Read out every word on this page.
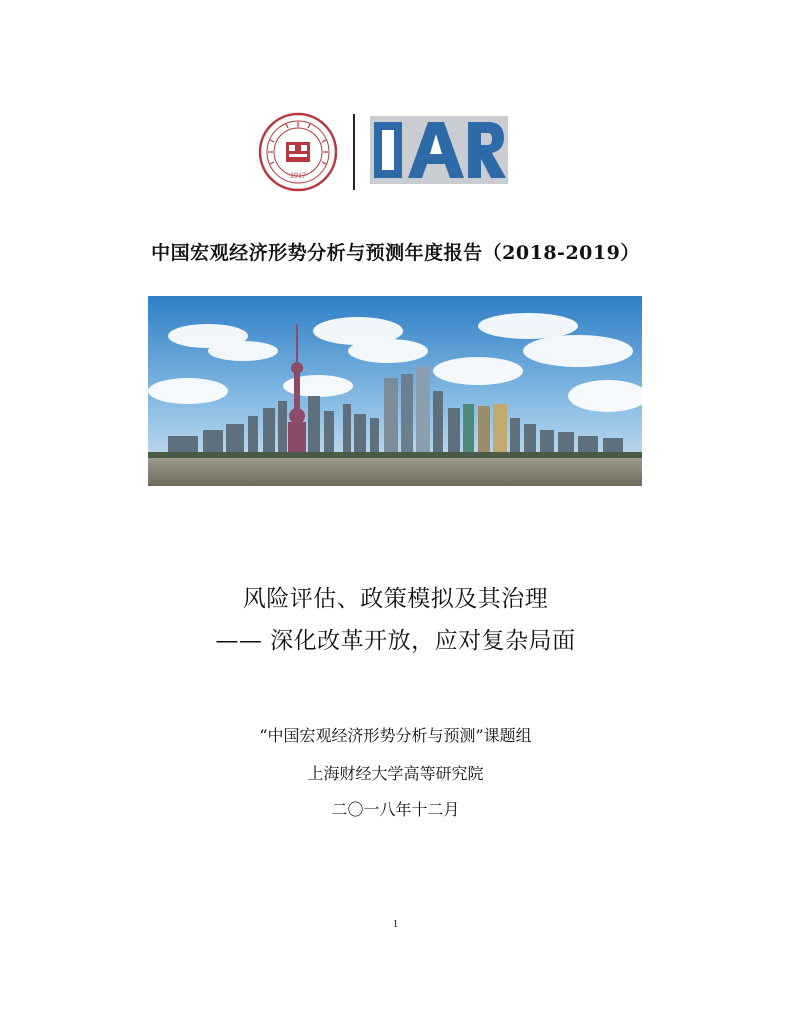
1917
中国宏观经济形势分析与预测年度报告（2018-2019）
风险评估、政策模拟及其治理
—— 深化改革开放，应对复杂局面
“中国宏观经济形势分析与预测”课题组
上海财经大学高等研究院
二〇一八年十二月
1
